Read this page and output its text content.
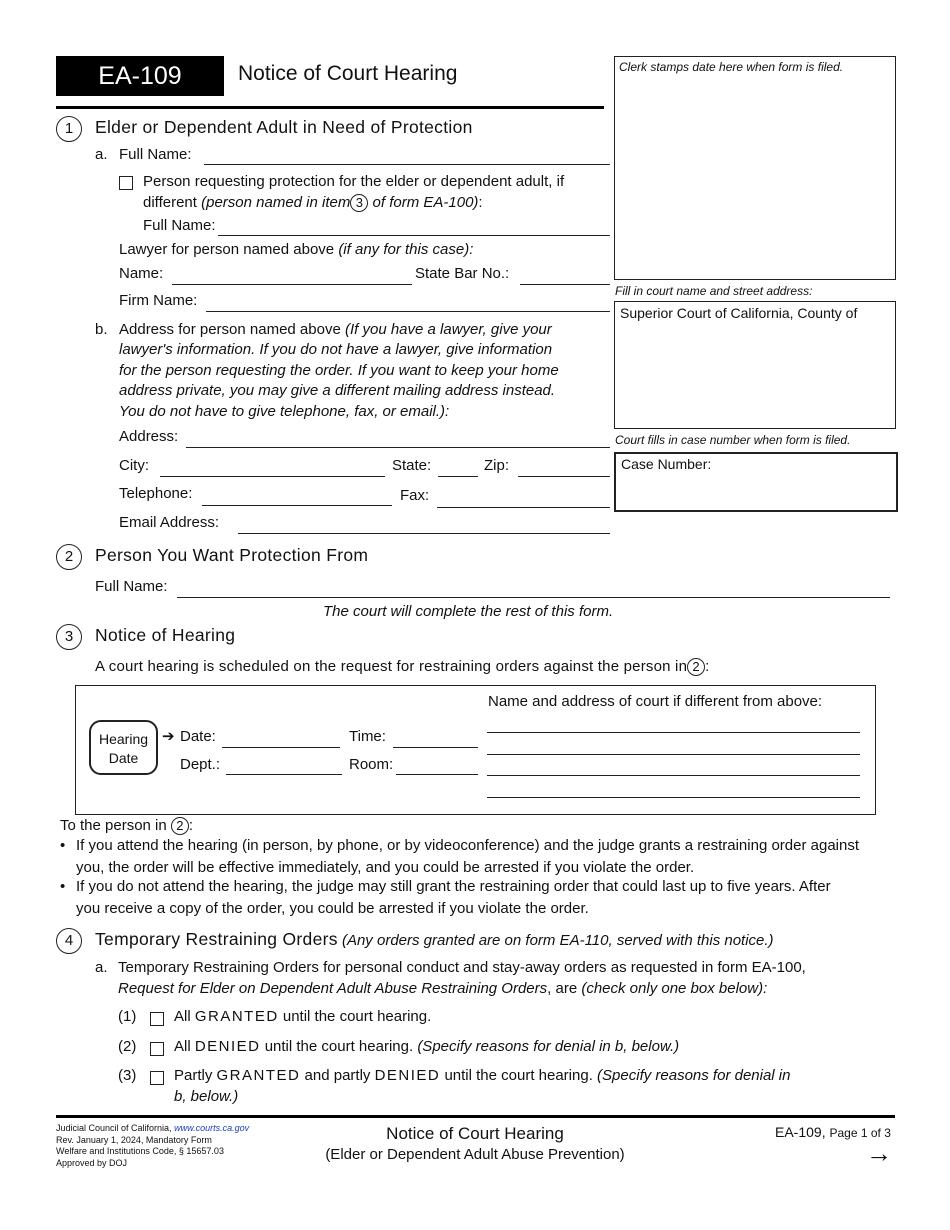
EA-109	Notice of Court Hearing	Clerk stamps date here when form is filed.
Fill in court name and street address:
Superior Court of California, County of
Court fills in case number when form is filed.
Case Number:
1	Elder or Dependent Adult in Need of Protection
a. Full Name:
Person requesting protection for the elder or dependent adult, if
different (person named in item 3 of form EA-100):
Full Name:
Lawyer for person named above (if any for this case):
Name:	State Bar No.:
Firm Name:
b. Address for person named above (If you have a lawyer, give your
lawyer's information. If you do not have a lawyer, give information
for the person requesting the order. If you want to keep your home
address private, you may give a different mailing address instead.
You do not have to give telephone, fax, or email.):
Address:
City:	State:	Zip:
Telephone:	Fax:
Email Address:
2	Person You Want Protection From
Full Name:
The court will complete the rest of this form.
3	Notice of Hearing
A court hearing is scheduled on the request for restraining orders against the person in 2 :
Hearing
Date
➔ Date:	Time:
Dept.:	Room:
Name and address of court if different from above:
To the person in 2 :
• If you attend the hearing (in person, by phone, or by videoconference) and the judge grants a restraining order against
you, the order will be effective immediately, and you could be arrested if you violate the order.
• If you do not attend the hearing, the judge may still grant the restraining order that could last up to five years. After
you receive a copy of the order, you could be arrested if you violate the order.
4	Temporary Restraining Orders (Any orders granted are on form EA-110, served with this notice.)
a. Temporary Restraining Orders for personal conduct and stay-away orders as requested in form EA-100,
Request for Elder on Dependent Adult Abuse Restraining Orders, are (check only one box below):
(1)	All GRANTED until the court hearing.
(2)	All DENIED until the court hearing. (Specify reasons for denial in b, below.)
(3)	Partly GRANTED and partly DENIED until the court hearing. (Specify reasons for denial in
b, below.)
Judicial Council of California, www.courts.ca.gov
Rev. January 1, 2024, Mandatory Form
Welfare and Institutions Code, § 15657.03
Approved by DOJ
Notice of Court Hearing
(Elder or Dependent Adult Abuse Prevention)
EA-109, Page 1 of 3
→
